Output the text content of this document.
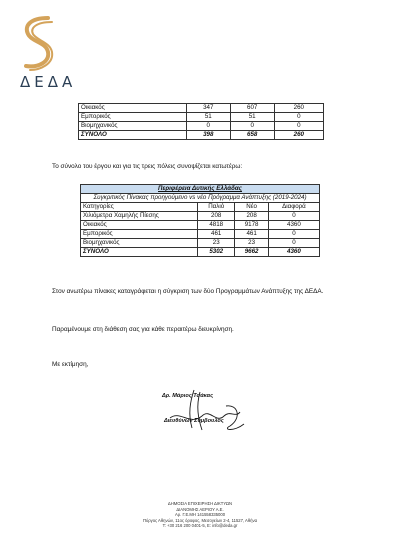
ΔΕΔΑ
Οικιακός	347	607	260
Εμπορικός	51	51	0
Βιομηχανικός	0	0	0
ΣΥΝΟΛΟ	398	658	260
Το σύνολο του έργου και για τις τρεις πόλεις συνοψίζεται κατωτέρω:
Περιφέρεια Δυτικής Ελλάδας			
Συγκριτικός Πίνακας προηγούμενο vs νέο Πρόγραμμα Ανάπτυξης (2019-2024)			
Κατηγορίες	Παλιό	Νέο	Διαφορά
Χιλιόμετρα Χαμηλής Πίεσης	208	208	0
Οικιακός	4818	9178	4360
Εμπορικός	461	461	0
Βιομηχανικός	23	23	0
ΣΥΝΟΛΟ	5302	9662	4360
Στον ανωτέρω πίνακες καταγράφεται η σύγκριση των δύο Προγραμμάτων Ανάπτυξης της ΔΕΔΑ.
Παραμένουμε στη διάθεση σας για κάθε περαιτέρω διευκρίνηση.
Με εκτίμηση,
Δρ. Μάριος Τσάκας
Διευθύνων Σύμβουλος
ΔΗΜΟΣΙΑ ΕΠΙΧΕΙΡΗΣΗ ΔΙΚΤΥΩΝ
ΔΙΑΝΟΜΗΣ ΑΕΡΙΟΥ Α.Ε.
Αρ. Γ.Ε.ΜΗ 141558335000
Πύργος Αθηνών, 11ος όροφος, Μεσογείων 2-4, 11527, Αθήνα
Τ: +30 216 200 0401-5, Ε: info@deda.gr
